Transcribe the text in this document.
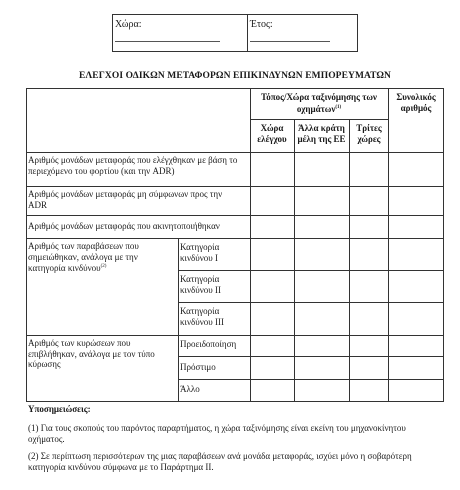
Χώρα:	Έτος:
ΕΛΕΓΧΟΙ ΟΔΙΚΩΝ ΜΕΤΑΦΟΡΩΝ ΕΠΙΚΙΝΔΥΝΩΝ ΕΜΠΟΡΕΥΜΑΤΩΝ
Τόπος/Χώρα ταξινόμησης των οχημάτων$^{(1)}$
Συνολικός αριθμός
Χώρα ελέγχου
Άλλα κράτη μέλη της ΕΕ
Τρίτες χώρες
Αριθμός μονάδων μεταφοράς που ελέγχθηκαν με βάση το περιεχόμενο του φορτίου (και την ADR)
Αριθμός μονάδων μεταφοράς μη σύμφωνων προς την ADR
Αριθμός μονάδων μεταφοράς που ακινητοποιήθηκαν
Αριθμός των παραβάσεων που σημειώθηκαν, ανάλογα με την κατηγορία κινδύνου$^{(2)}$
Κατηγορία κινδύνου I
Κατηγορία κινδύνου II
Κατηγορία κινδύνου III
Αριθμός των κυρώσεων που επιβλήθηκαν, ανάλογα με τον τύπο κύρωσης
Προειδοποίηση
Πρόστιμο
Άλλο
Υποσημειώσεις:
(1) Για τους σκοπούς του παρόντος παραρτήματος, η χώρα ταξινόμησης είναι εκείνη του μηχανοκίνητου οχήματος.
(2) Σε περίπτωση περισσότερων της μιας παραβάσεων ανά μονάδα μεταφοράς, ισχύει μόνο η σοβαρότερη κατηγορία κινδύνου σύμφωνα με το Παράρτημα II.
